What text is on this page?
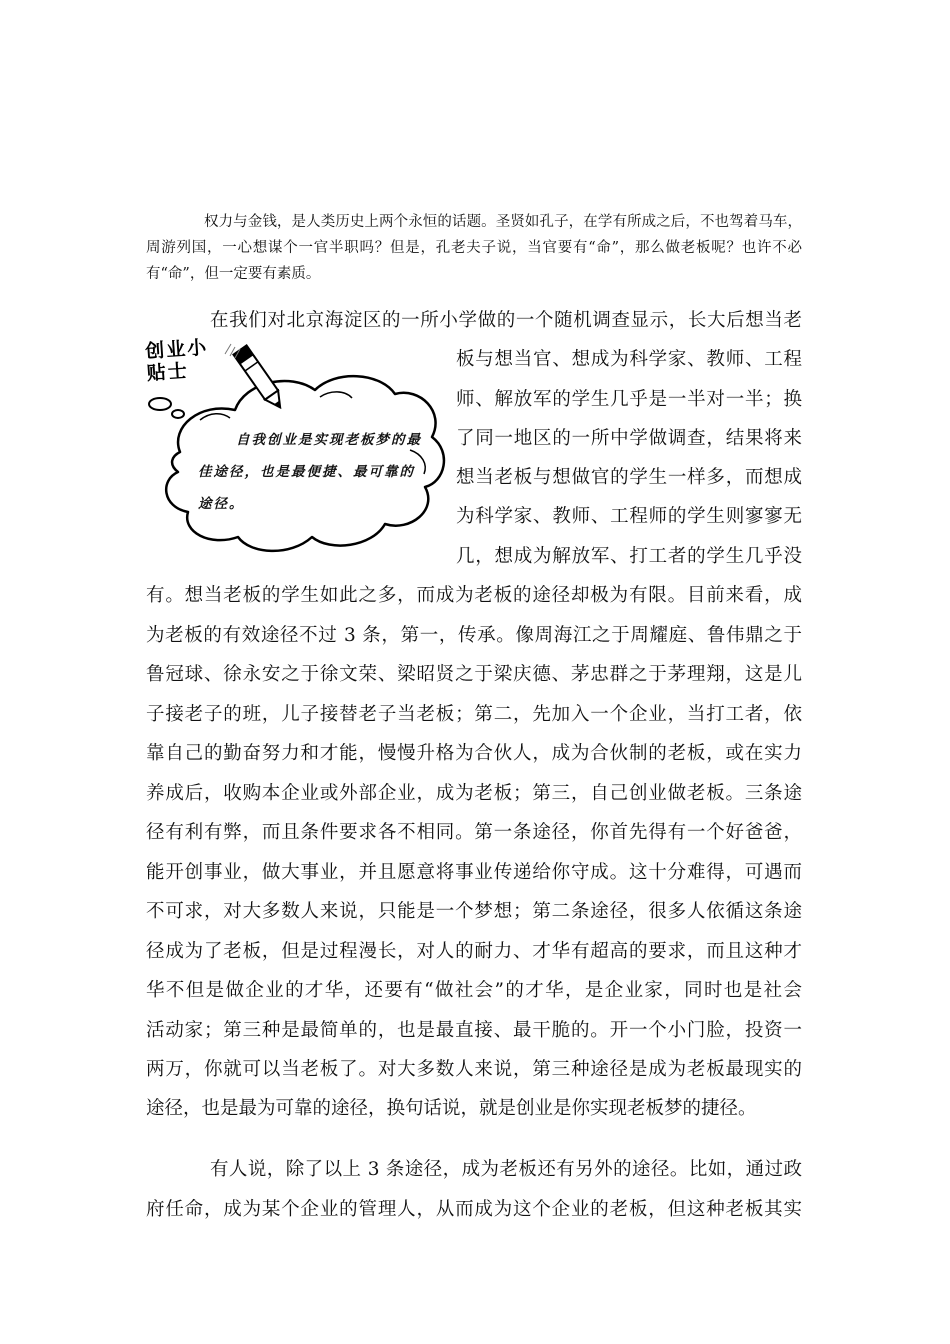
权力与金钱，是人类历史上两个永恒的话题。圣贤如孔子，在学有所成之后，不也驾着马车，周游列国，一心想谋个一官半职吗？但是，孔老夫子说，当官要有“命”，那么做老板呢？也许不必有“命”，但一定要有素质。

创业小贴士
自我创业是实现老板梦的最佳途径，也是最便捷、最可靠的途径。

在我们对北京海淀区的一所小学做的一个随机调查显示，长大后想当老

板与想当官、想成为科学家、教师、工程

师、解放军的学生几乎是一半对一半；换

了同一地区的一所中学做调查，结果将来

想当老板与想做官的学生一样多，而想成

为科学家、教师、工程师的学生则寥寥无

几，想成为解放军、打工者的学生几乎没

有。想当老板的学生如此之多，而成为老板的途径却极为有限。目前来看，成

为老板的有效途径不过 3 条，第一，传承。像周海江之于周耀庭、鲁伟鼎之于

鲁冠球、徐永安之于徐文荣、梁昭贤之于梁庆德、茅忠群之于茅理翔，这是儿

子接老子的班，儿子接替老子当老板；第二，先加入一个企业，当打工者，依

靠自己的勤奋努力和才能，慢慢升格为合伙人，成为合伙制的老板，或在实力

养成后，收购本企业或外部企业，成为老板；第三，自己创业做老板。三条途

径有利有弊，而且条件要求各不相同。第一条途径，你首先得有一个好爸爸，

能开创事业，做大事业，并且愿意将事业传递给你守成。这十分难得，可遇而

不可求，对大多数人来说，只能是一个梦想；第二条途径，很多人依循这条途

径成为了老板，但是过程漫长，对人的耐力、才华有超高的要求，而且这种才

华不但是做企业的才华，还要有“做社会”的才华，是企业家，同时也是社会

活动家；第三种是最简单的，也是最直接、最干脆的。开一个小门脸，投资一

两万，你就可以当老板了。对大多数人来说，第三种途径是成为老板最现实的

途径，也是最为可靠的途径，换句话说，就是创业是你实现老板梦的捷径。

有人说，除了以上 3 条途径，成为老板还有另外的途径。比如，通过政

府任命，成为某个企业的管理人，从而成为这个企业的老板，但这种老板其实
